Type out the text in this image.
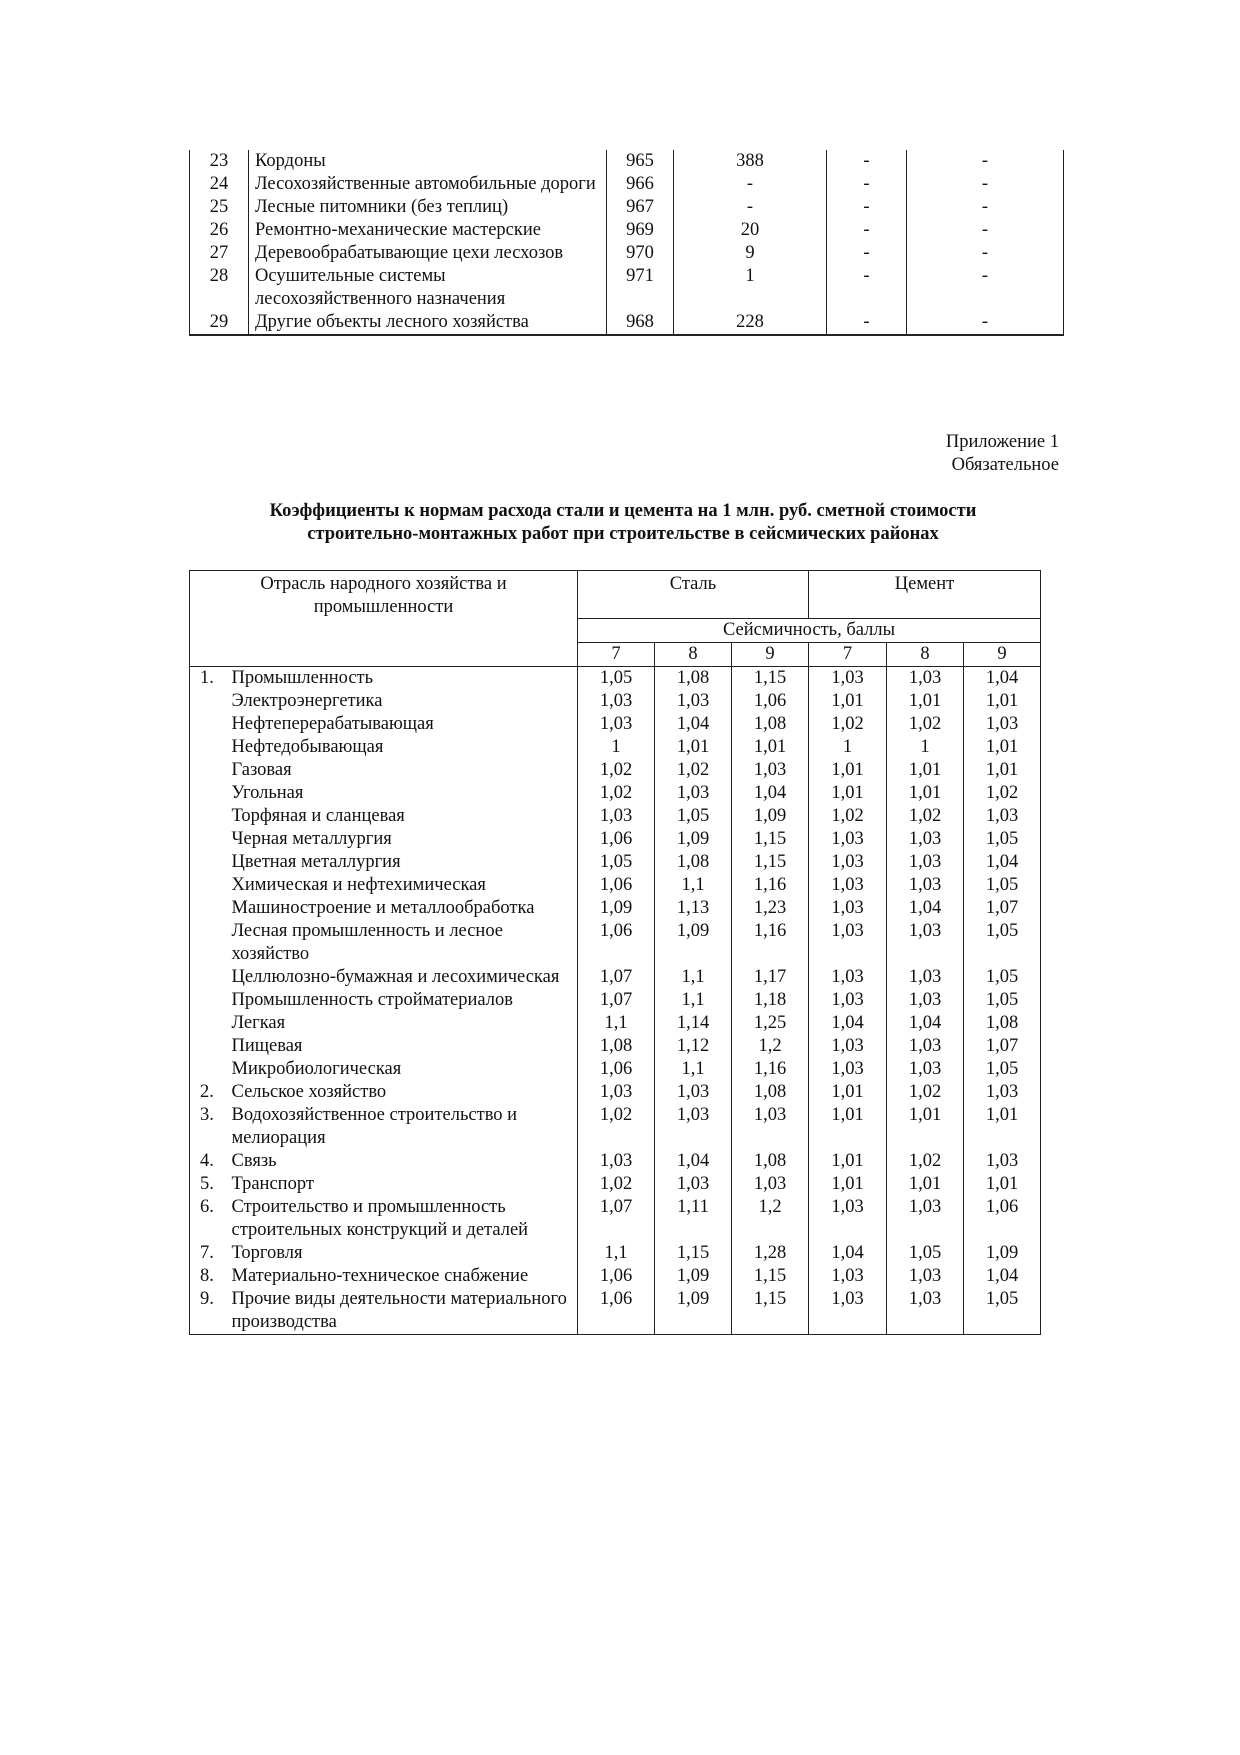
23	Кордоны	965	388	-	-
24	Лесохозяйственные автомобильные дороги	966	-	-	-
25	Лесные питомники (без теплиц)	967	-	-	-
26	Ремонтно-механические мастерские	969	20	-	-
27	Деревообрабатывающие цехи лесхозов	970	9	-	-
28	Осушительные системы лесохозяйственного назначения	971	1	-	-
29	Другие объекты лесного хозяйства	968	228	-	-
Приложение 1
Обязательное
Коэффициенты к нормам расхода стали и цемента на 1 млн. руб. сметной стоимости
строительно-монтажных работ при строительстве в сейсмических районах
Отрасль народного хозяйства и промышленности		Сталь			Цемент		
		Сейсмичность, баллы					
		7	8	9	7	8	9
1.	Промышленность	1,05	1,08	1,15	1,03	1,03	1,04
	Электроэнергетика	1,03	1,03	1,06	1,01	1,01	1,01
	Нефтеперерабатывающая	1,03	1,04	1,08	1,02	1,02	1,03
	Нефтедобывающая	1	1,01	1,01	1	1	1,01
	Газовая	1,02	1,02	1,03	1,01	1,01	1,01
	Угольная	1,02	1,03	1,04	1,01	1,01	1,02
	Торфяная и сланцевая	1,03	1,05	1,09	1,02	1,02	1,03
	Черная металлургия	1,06	1,09	1,15	1,03	1,03	1,05
	Цветная металлургия	1,05	1,08	1,15	1,03	1,03	1,04
	Химическая и нефтехимическая	1,06	1,1	1,16	1,03	1,03	1,05
	Машиностроение и металлообработка	1,09	1,13	1,23	1,03	1,04	1,07
	Лесная промышленность и лесное хозяйство	1,06	1,09	1,16	1,03	1,03	1,05
	Целлюлозно-бумажная и лесохимическая	1,07	1,1	1,17	1,03	1,03	1,05
	Промышленность стройматериалов	1,07	1,1	1,18	1,03	1,03	1,05
	Легкая	1,1	1,14	1,25	1,04	1,04	1,08
	Пищевая	1,08	1,12	1,2	1,03	1,03	1,07
	Микробиологическая	1,06	1,1	1,16	1,03	1,03	1,05
2.	Сельское хозяйство	1,03	1,03	1,08	1,01	1,02	1,03
3.	Водохозяйственное строительство и мелиорация	1,02	1,03	1,03	1,01	1,01	1,01
4.	Связь	1,03	1,04	1,08	1,01	1,02	1,03
5.	Транспорт	1,02	1,03	1,03	1,01	1,01	1,01
6.	Строительство и промышленность строительных конструкций и деталей	1,07	1,11	1,2	1,03	1,03	1,06
7.	Торговля	1,1	1,15	1,28	1,04	1,05	1,09
8.	Материально-техническое снабжение	1,06	1,09	1,15	1,03	1,03	1,04
9.	Прочие виды деятельности материального производства	1,06	1,09	1,15	1,03	1,03	1,05
